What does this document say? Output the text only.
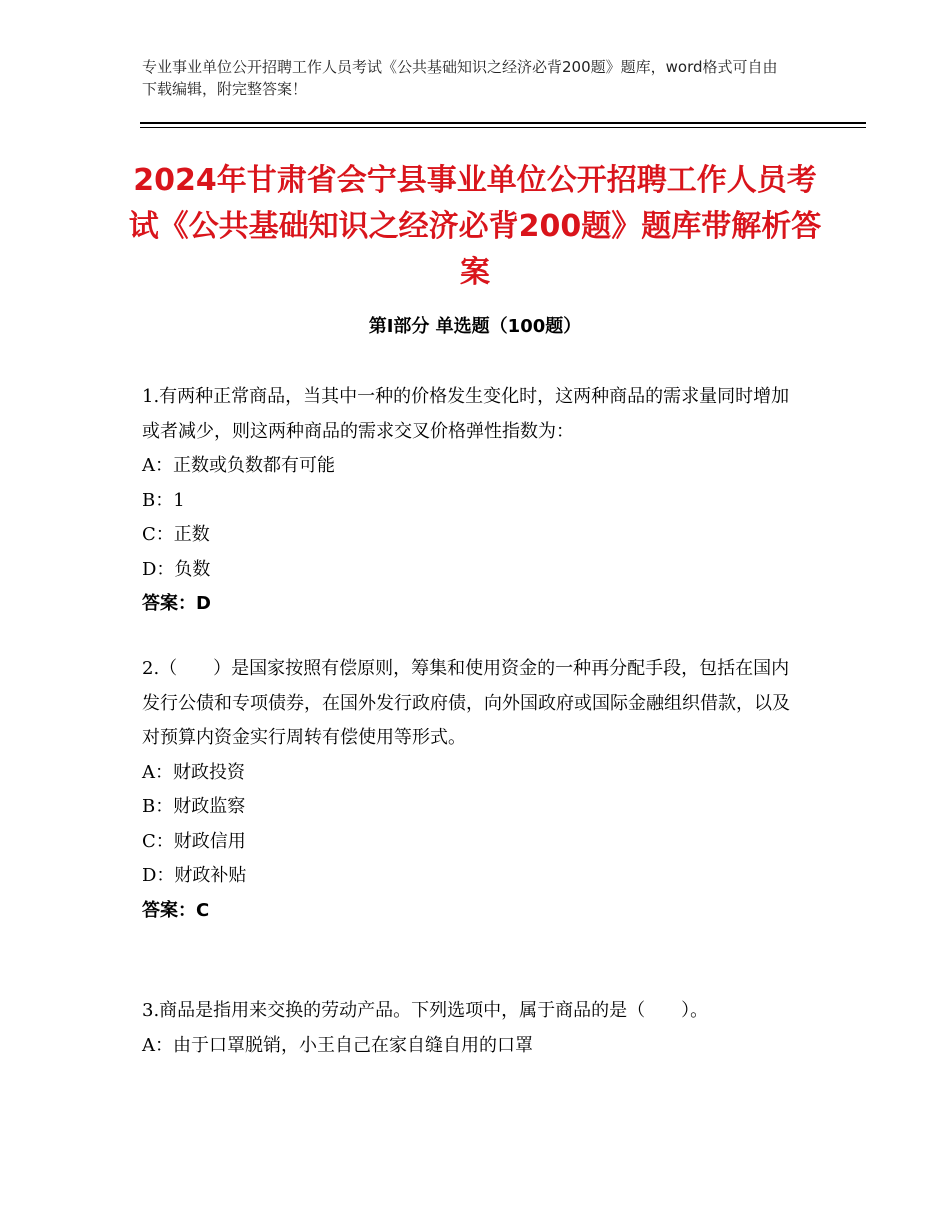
专业事业单位公开招聘工作人员考试《公共基础知识之经济必背200题》题库，word格式可自由下载编辑，附完整答案！
2024年甘肃省会宁县事业单位公开招聘工作人员考试《公共基础知识之经济必背200题》题库带解析答案
第Ⅰ部分 单选题（100题）
1.有两种正常商品，当其中一种的价格发生变化时，这两种商品的需求量同时增加或者减少，则这两种商品的需求交叉价格弹性指数为：
A：正数或负数都有可能
B：1
C：正数
D：负数
答案：D
2.（　　）是国家按照有偿原则，筹集和使用资金的一种再分配手段，包括在国内发行公债和专项债券，在国外发行政府债，向外国政府或国际金融组织借款，以及对预算内资金实行周转有偿使用等形式。
A：财政投资
B：财政监察
C：财政信用
D：财政补贴
答案：C
3.商品是指用来交换的劳动产品。下列选项中，属于商品的是（　　）。
A：由于口罩脱销，小王自己在家自缝自用的口罩
